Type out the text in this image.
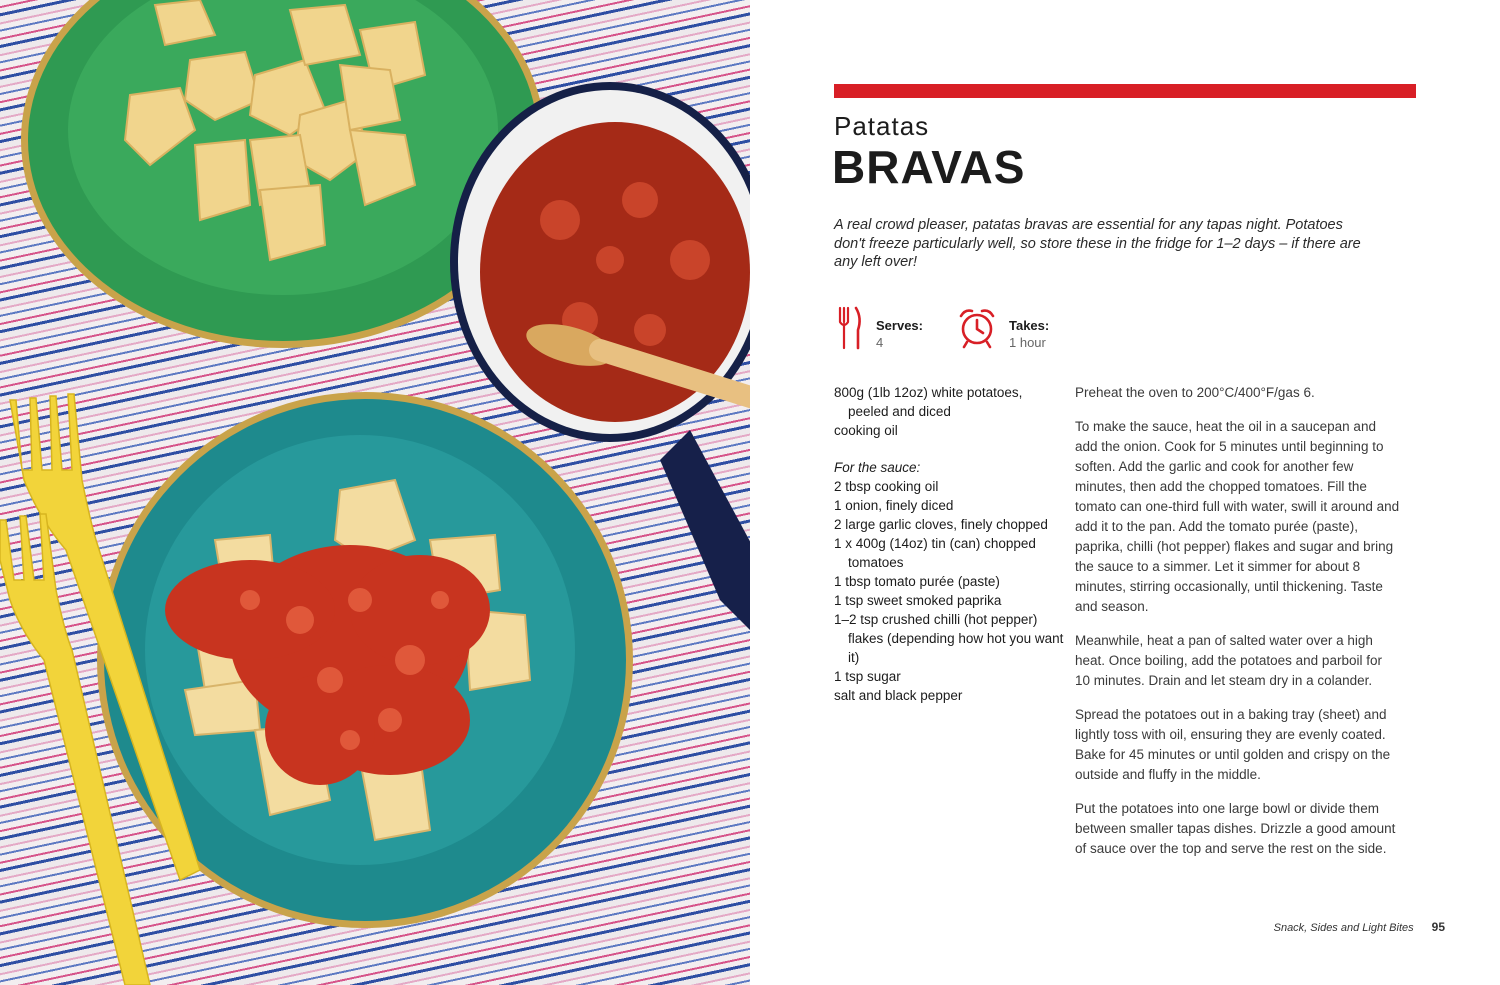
Patatas
BRAVAS
A real crowd pleaser, patatas bravas are essential for any tapas night. Potatoes don't freeze particularly well, so store these in the fridge for 1–2 days – if there are any left over!
Serves:
4
Takes:
1 hour
800g (1lb 12oz) white potatoes, peeled and diced
cooking oil
For the sauce:
2 tbsp cooking oil
1 onion, finely diced
2 large garlic cloves, finely chopped
1 x 400g (14oz) tin (can) chopped tomatoes
1 tbsp tomato purée (paste)
1 tsp sweet smoked paprika
1–2 tsp crushed chilli (hot pepper) flakes (depending how hot you want it)
1 tsp sugar
salt and black pepper

Preheat the oven to 200°C/400°F/gas 6.

To make the sauce, heat the oil in a saucepan and add the onion. Cook for 5 minutes until beginning to soften. Add the garlic and cook for another few minutes, then add the chopped tomatoes. Fill the tomato can one-third full with water, swill it around and add it to the pan. Add the tomato purée (paste), paprika, chilli (hot pepper) flakes and sugar and bring the sauce to a simmer. Let it simmer for about 8 minutes, stirring occasionally, until thickening. Taste and season.

Meanwhile, heat a pan of salted water over a high heat. Once boiling, add the potatoes and parboil for 10 minutes. Drain and let steam dry in a colander.

Spread the potatoes out in a baking tray (sheet) and lightly toss with oil, ensuring they are evenly coated. Bake for 45 minutes or until golden and crispy on the outside and fluffy in the middle.

Put the potatoes into one large bowl or divide them between smaller tapas dishes. Drizzle a good amount of sauce over the top and serve the rest on the side.

Snack, Sides and Light Bites 95
